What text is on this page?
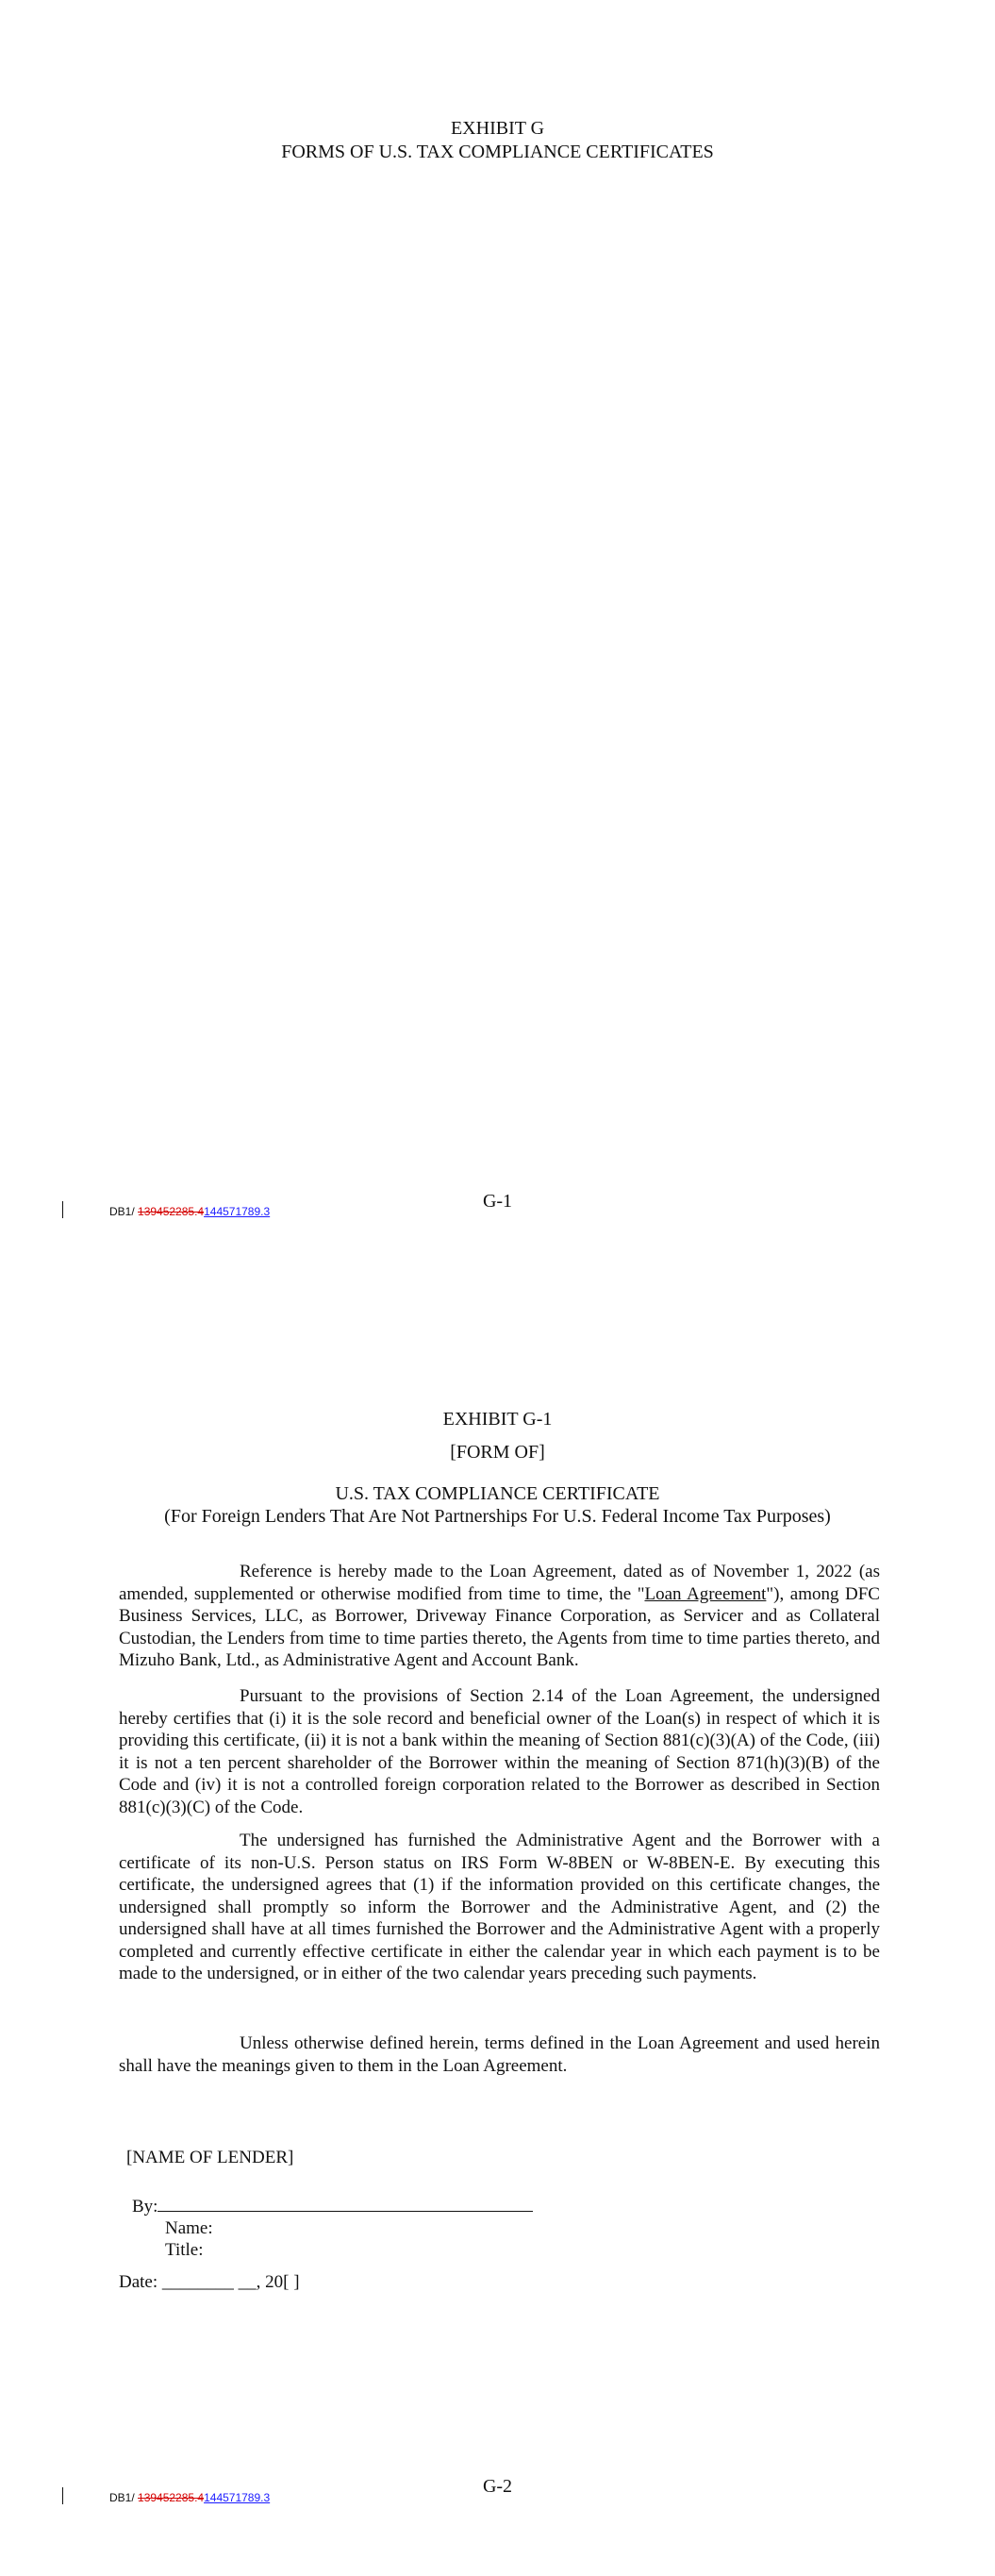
EXHIBIT G
FORMS OF U.S. TAX COMPLIANCE CERTIFICATES
G-1
DB1/ 139452285.4144571789.3
EXHIBIT G-1
[FORM OF]
U.S. TAX COMPLIANCE CERTIFICATE
(For Foreign Lenders That Are Not Partnerships For U.S. Federal Income Tax Purposes)
Reference is hereby made to the Loan Agreement, dated as of November 1, 2022 (as amended, supplemented or otherwise modified from time to time, the "Loan Agreement"), among DFC Business Services, LLC, as Borrower, Driveway Finance Corporation, as Servicer and as Collateral Custodian, the Lenders from time to time parties thereto, the Agents from time to time parties thereto, and Mizuho Bank, Ltd., as Administrative Agent and Account Bank.
Pursuant to the provisions of Section 2.14 of the Loan Agreement, the undersigned hereby certifies that (i) it is the sole record and beneficial owner of the Loan(s) in respect of which it is providing this certificate, (ii) it is not a bank within the meaning of Section 881(c)(3)(A) of the Code, (iii) it is not a ten percent shareholder of the Borrower within the meaning of Section 871(h)(3)(B) of the Code and (iv) it is not a controlled foreign corporation related to the Borrower as described in Section 881(c)(3)(C) of the Code.
The undersigned has furnished the Administrative Agent and the Borrower with a certificate of its non-U.S. Person status on IRS Form W-8BEN or W-8BEN-E. By executing this certificate, the undersigned agrees that (1) if the information provided on this certificate changes, the undersigned shall promptly so inform the Borrower and the Administrative Agent, and (2) the undersigned shall have at all times furnished the Borrower and the Administrative Agent with a properly completed and currently effective certificate in either the calendar year in which each payment is to be made to the undersigned, or in either of the two calendar years preceding such payments.
Unless otherwise defined herein, terms defined in the Loan Agreement and used herein shall have the meanings given to them in the Loan Agreement.
[NAME OF LENDER]
By:
Name:
Title:
Date: ________ __, 20[ ]
G-2
DB1/ 139452285.4144571789.3
